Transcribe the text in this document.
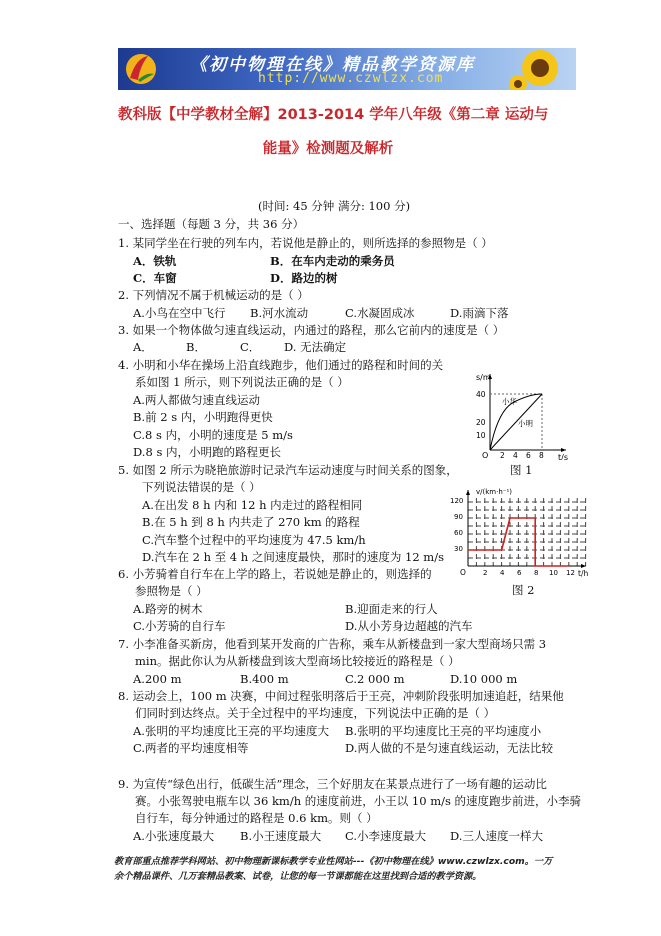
《初中物理在线》精品教学资源库
http://www.czwlzx.com
教科版【中学教材全解】2013-2014 学年八年级《第二章 运动与
能量》检测题及解析
(时间: 45 分钟 满分: 100 分)
一、选择题（每题 3 分，共 36 分）
1. 某同学坐在行驶的列车内，若说他是静止的，则所选择的参照物是（ ）
A．铁轨	B．在车内走动的乘务员
C．车窗	D．路边的树
2. 下列情况不属于机械运动的是（ ）
A.小鸟在空中飞行 B.河水流动	C.水凝固成冰	D.雨滴下落
3. 如果一个物体做匀速直线运动，内通过的路程，那么它前内的速度是（ ）
A．	B．	C． D. 无法确定
4. 小明和小华在操场上沿直线跑步，他们通过的路程和时间的关
系如图 1 所示，则下列说法正确的是（ ）
A.两人都做匀速直线运动
B.前 2 s 内，小明跑得更快
C.8 s 内，小明的速度是 5 m/s
D.8 s 内，小明跑的路程更长
s/m
t/s
O
40
20
10
2 4 6 8
小华
小明
图 1
5. 如图 2 所示为晓艳旅游时记录汽车运动速度与时间关系的图象，
下列说法错误的是（ ）
A.在出发 8 h 内和 12 h 内走过的路程相同
B.在 5 h 到 8 h 内共走了 270 km 的路程
C.汽车整个过程中的平均速度为 47.5 km/h
D.汽车在 2 h 至 4 h 之间速度最快，那时的速度为 12 m/s
v/(km·h⁻¹)
t/h
O
120
90
60
30
2 4 6 8 10 12
图 2
6. 小芳骑着自行车在上学的路上，若说她是静止的，则选择的
参照物是（ ）
A.路旁的树木	B.迎面走来的行人
C.小芳骑的自行车	D.从小芳身边超越的汽车
7. 小李准备买新房，他看到某开发商的广告称，乘车从新楼盘到一家大型商场只需 3
min。据此你认为从新楼盘到该大型商场比较接近的路程是（ ）
A.200 m	B.400 m	C.2 000 m	D.10 000 m
8. 运动会上，100 m 决赛，中间过程张明落后于王亮，冲刺阶段张明加速追赶，结果他
们同时到达终点。关于全过程中的平均速度，下列说法中正确的是（ ）
A.张明的平均速度比王亮的平均速度大 B.张明的平均速度比王亮的平均速度小
C.两者的平均速度相等	D.两人做的不是匀速直线运动，无法比较
9. 为宣传“绿色出行，低碳生活”理念，三个好朋友在某景点进行了一场有趣的运动比
赛。小张驾驶电瓶车以 36 km/h 的速度前进，小王以 10 m/s 的速度跑步前进，小李骑
自行车，每分钟通过的路程是 0.6 km。则（ ）
A.小张速度最大 B.小王速度最大 C.小李速度最大 D.三人速度一样大
教育部重点推荐学科网站、初中物理新课标教学专业性网站---《初中物理在线》www.czwlzx.com。一万
余个精品课件、几万套精品教案、试卷，让您的每一节课都能在这里找到合适的教学资源。
